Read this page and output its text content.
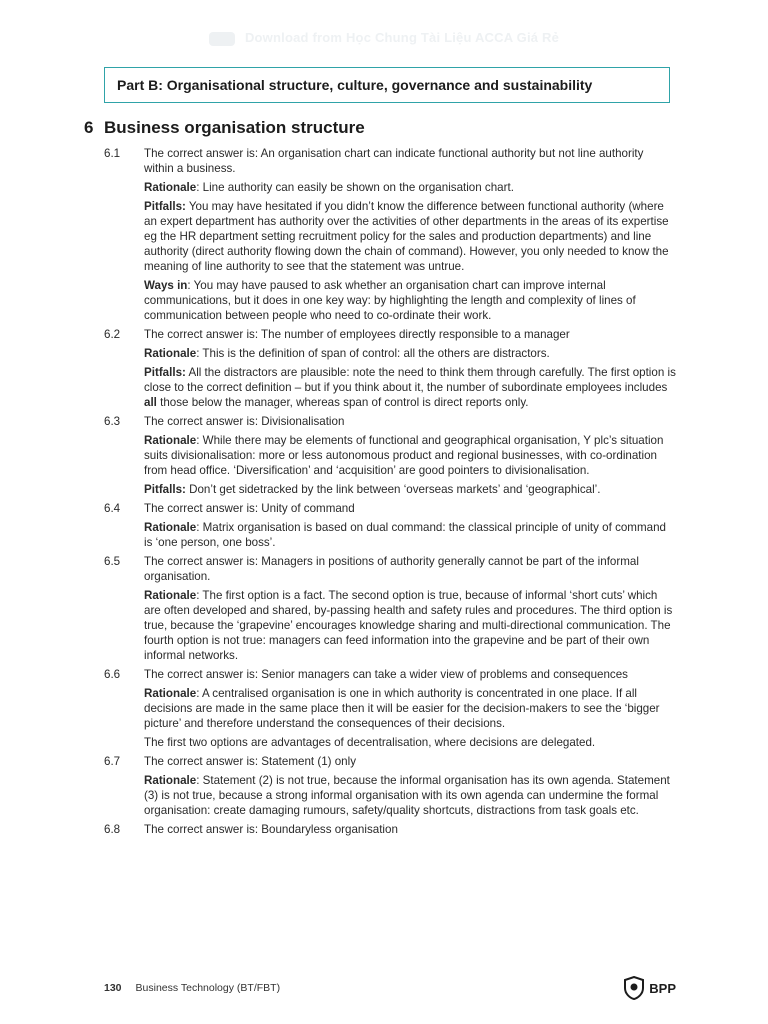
Download from Học Chung Tài Liệu ACCA Giá Rẻ
Part B: Organisational structure, culture, governance and sustainability
6 Business organisation structure
6.1	The correct answer is: An organisation chart can indicate functional authority but not line authority within a business.

Rationale: Line authority can easily be shown on the organisation chart.

Pitfalls: You may have hesitated if you didn’t know the difference between functional authority (where an expert department has authority over the activities of other departments in the areas of its expertise eg the HR department setting recruitment policy for the sales and production departments) and line authority (direct authority flowing down the chain of command). However, you only needed to know the meaning of line authority to see that the statement was untrue.

Ways in: You may have paused to ask whether an organisation chart can improve internal communications, but it does in one key way: by highlighting the length and complexity of lines of communication between people who need to co-ordinate their work.

6.2	The correct answer is: The number of employees directly responsible to a manager

Rationale: This is the definition of span of control: all the others are distractors.

Pitfalls: All the distractors are plausible: note the need to think them through carefully. The first option is close to the correct definition – but if you think about it, the number of subordinate employees includes all those below the manager, whereas span of control is direct reports only.

6.3	The correct answer is: Divisionalisation

Rationale: While there may be elements of functional and geographical organisation, Y plc’s situation suits divisionalisation: more or less autonomous product and regional businesses, with co-ordination from head office. ‘Diversification’ and ‘acquisition’ are good pointers to divisionalisation.

Pitfalls: Don’t get sidetracked by the link between ‘overseas markets’ and ‘geographical’.

6.4	The correct answer is: Unity of command

Rationale: Matrix organisation is based on dual command: the classical principle of unity of command is ‘one person, one boss’.

6.5	The correct answer is: Managers in positions of authority generally cannot be part of the informal organisation.

Rationale: The first option is a fact. The second option is true, because of informal ‘short cuts’ which are often developed and shared, by-passing health and safety rules and procedures. The third option is true, because the ‘grapevine’ encourages knowledge sharing and multi-directional communication. The fourth option is not true: managers can feed information into the grapevine and be part of their own informal networks.

6.6	The correct answer is: Senior managers can take a wider view of problems and consequences

Rationale: A centralised organisation is one in which authority is concentrated in one place. If all decisions are made in the same place then it will be easier for the decision-makers to see the ‘bigger picture’ and therefore understand the consequences of their decisions.

The first two options are advantages of decentralisation, where decisions are delegated.

6.7	The correct answer is: Statement (1) only

Rationale: Statement (2) is not true, because the informal organisation has its own agenda. Statement (3) is not true, because a strong informal organisation with its own agenda can undermine the formal organisation: create damaging rumours, safety/quality shortcuts, distractions from task goals etc.

6.8	The correct answer is: Boundaryless organisation

130 Business Technology (BT/FBT)	BPP
